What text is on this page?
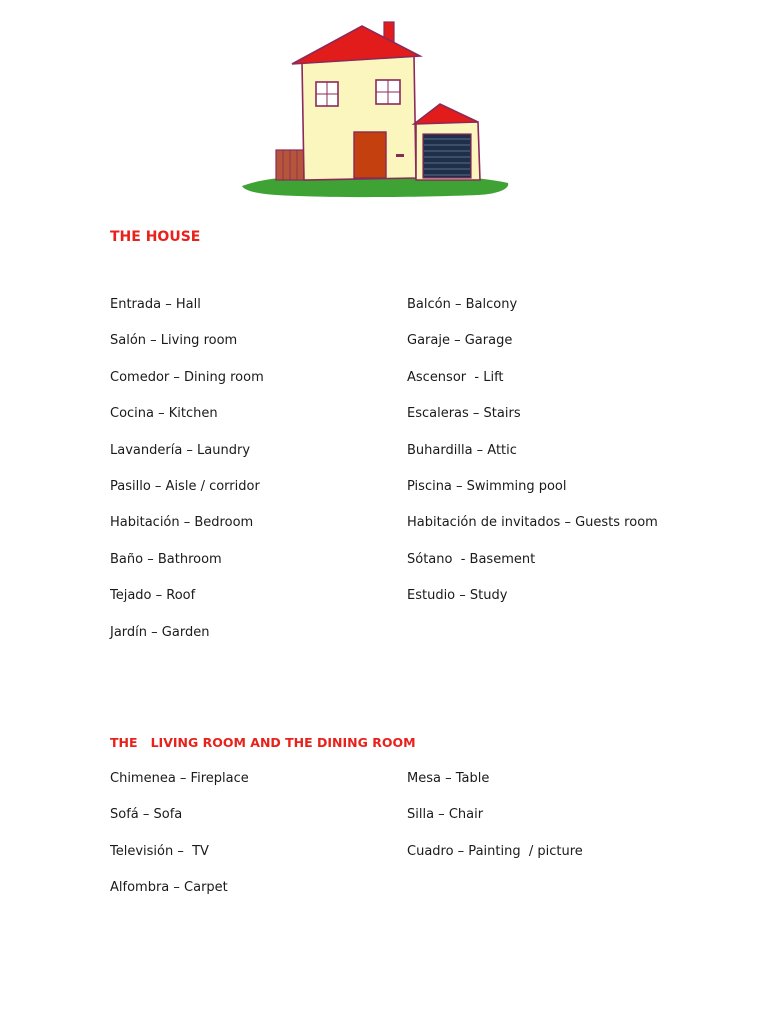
THE HOUSE
Entrada – Hall
Salón – Living room
Comedor – Dining room
Cocina – Kitchen
Lavandería – Laundry
Pasillo – Aisle / corridor
Habitación – Bedroom
Baño – Bathroom
Tejado – Roof
Jardín – Garden
Balcón – Balcony
Garaje – Garage
Ascensor  - Lift
Escaleras – Stairs
Buhardilla – Attic
Piscina – Swimming pool
Habitación de invitados – Guests room
Sótano  - Basement
Estudio – Study
THE   LIVING ROOM AND THE DINING ROOM
Chimenea – Fireplace
Sofá – Sofa
Televisión –  TV
Alfombra – Carpet
Mesa – Table
Silla – Chair
Cuadro – Painting  / picture
